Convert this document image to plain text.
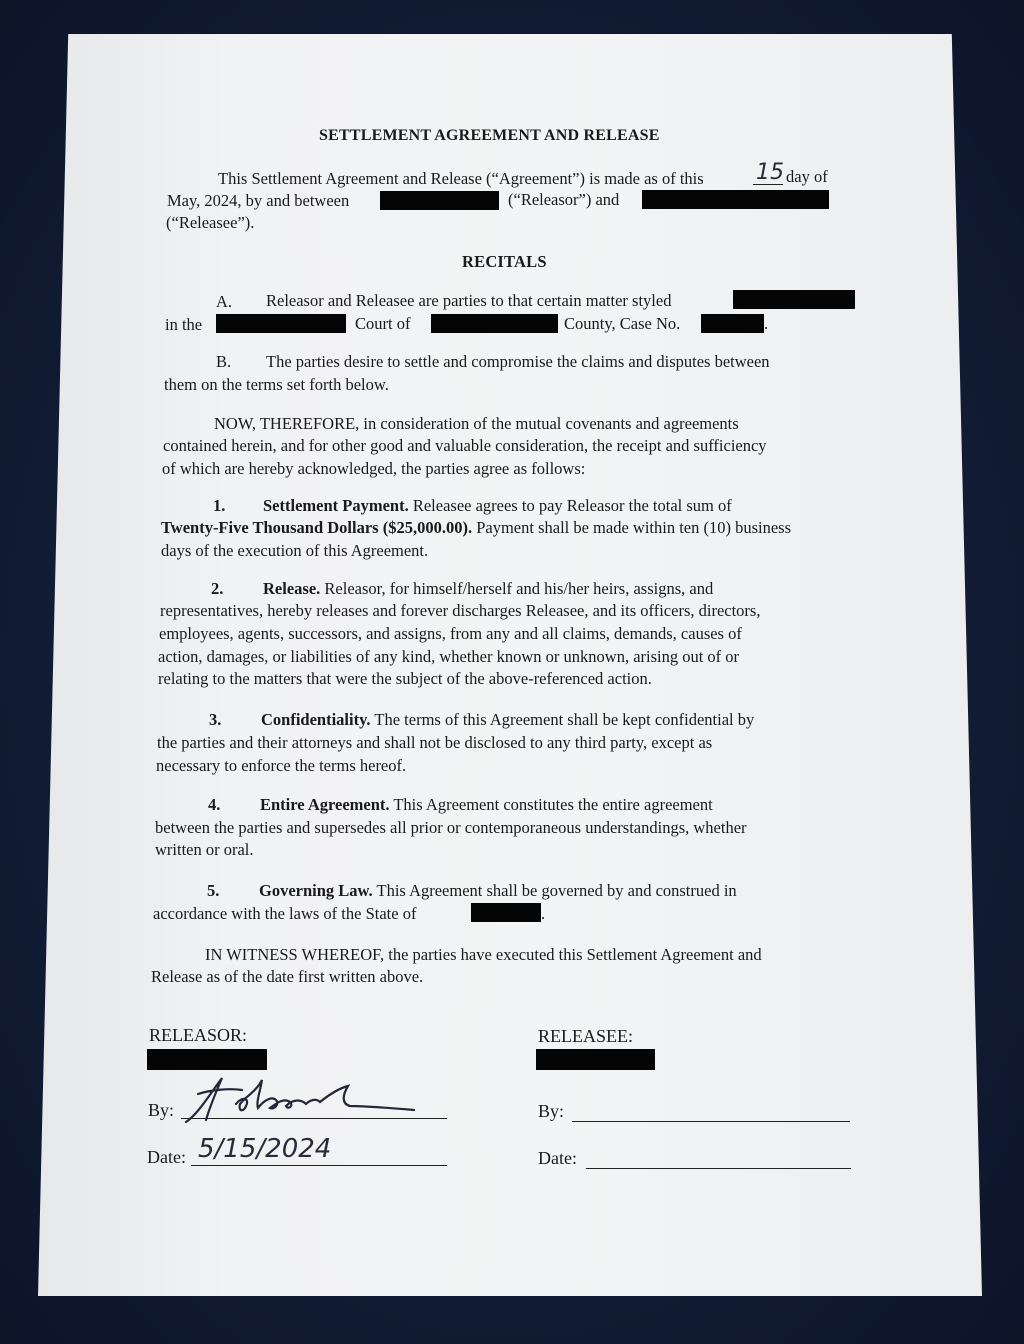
SETTLEMENT AGREEMENT AND RELEASE
This Settlement Agreement and Release (“Agreement”) is made as of this 15 day of
May, 2024, by and between	(“Releasor”) and
(“Releasee”).
RECITALS
A. Releasor and Releasee are parties to that certain matter styled
in the	Court of	County, Case No.	.
B. The parties desire to settle and compromise the claims and disputes between
them on the terms set forth below.
NOW, THEREFORE, in consideration of the mutual covenants and agreements
contained herein, and for other good and valuable consideration, the receipt and sufficiency
of which are hereby acknowledged, the parties agree as follows:
1. Settlement Payment. Releasee agrees to pay Releasor the total sum of
Twenty-Five Thousand Dollars ($25,000.00). Payment shall be made within ten (10) business
days of the execution of this Agreement.
2. Release. Releasor, for himself/herself and his/her heirs, assigns, and
representatives, hereby releases and forever discharges Releasee, and its officers, directors,
employees, agents, successors, and assigns, from any and all claims, demands, causes of
action, damages, or liabilities of any kind, whether known or unknown, arising out of or
relating to the matters that were the subject of the above-referenced action.
3. Confidentiality. The terms of this Agreement shall be kept confidential by
the parties and their attorneys and shall not be disclosed to any third party, except as
necessary to enforce the terms hereof.
4. Entire Agreement. This Agreement constitutes the entire agreement
between the parties and supersedes all prior or contemporaneous understandings, whether
written or oral.
5. Governing Law. This Agreement shall be governed by and construed in
accordance with the laws of the State of	.
IN WITNESS WHEREOF, the parties have executed this Settlement Agreement and
Release as of the date first written above.
RELEASOR:
By:
Date: 5/15/2024
RELEASEE:
By:
Date:
